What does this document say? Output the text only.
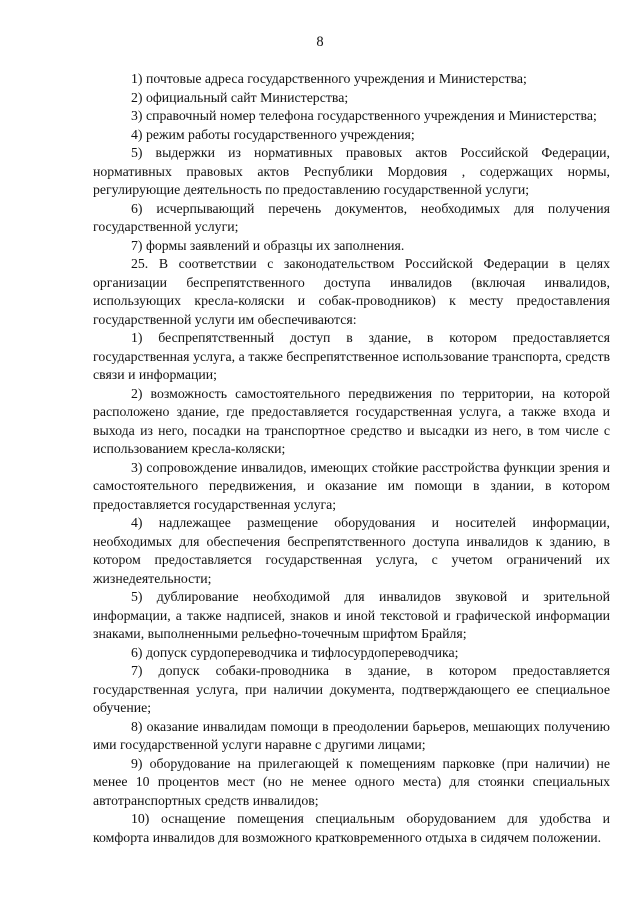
8

1) почтовые адреса государственного учреждения и Министерства;

2) официальный сайт Министерства;

3) справочный номер телефона государственного учреждения и Министерства;

4) режим работы государственного учреждения;

5) выдержки из нормативных правовых актов Российской Федерации, нормативных правовых актов Республики Мордовия , содержащих нормы, регулирующие деятельность по предоставлению государственной услуги;

6) исчерпывающий перечень документов, необходимых для получения государственной услуги;

7) формы заявлений и образцы их заполнения.

25. В соответствии с законодательством Российской Федерации в целях организации беспрепятственного доступа инвалидов (включая инвалидов, использующих кресла-коляски и собак-проводников) к месту предоставления государственной услуги им обеспечиваются:

1) беспрепятственный доступ в здание, в котором предоставляется государственная услуга, а также беспрепятственное использование транспорта, средств связи и информации;

2) возможность самостоятельного передвижения по территории, на которой расположено здание, где предоставляется государственная услуга, а также входа и выхода из него, посадки на транспортное средство и высадки из него, в том числе с использованием кресла-коляски;

3) сопровождение инвалидов, имеющих стойкие расстройства функции зрения и самостоятельного передвижения, и оказание им помощи в здании, в котором предоставляется государственная услуга;

4) надлежащее размещение оборудования и носителей информации, необходимых для обеспечения беспрепятственного доступа инвалидов к зданию, в котором предоставляется государственная услуга, с учетом ограничений их жизнедеятельности;

5) дублирование необходимой для инвалидов звуковой и зрительной информации, а также надписей, знаков и иной текстовой и графической информации знаками, выполненными рельефно-точечным шрифтом Брайля;

6) допуск сурдопереводчика и тифлосурдопереводчика;

7) допуск собаки-проводника в здание, в котором предоставляется государственная услуга, при наличии документа, подтверждающего ее специальное обучение;

8) оказание инвалидам помощи в преодолении барьеров, мешающих получению ими государственной услуги наравне с другими лицами;

9) оборудование на прилегающей к помещениям парковке (при наличии) не менее 10 процентов мест (но не менее одного места) для стоянки специальных автотранспортных средств инвалидов;

10) оснащение помещения специальным оборудованием для удобства и комфорта инвалидов для возможного кратковременного отдыха в сидячем положении.
